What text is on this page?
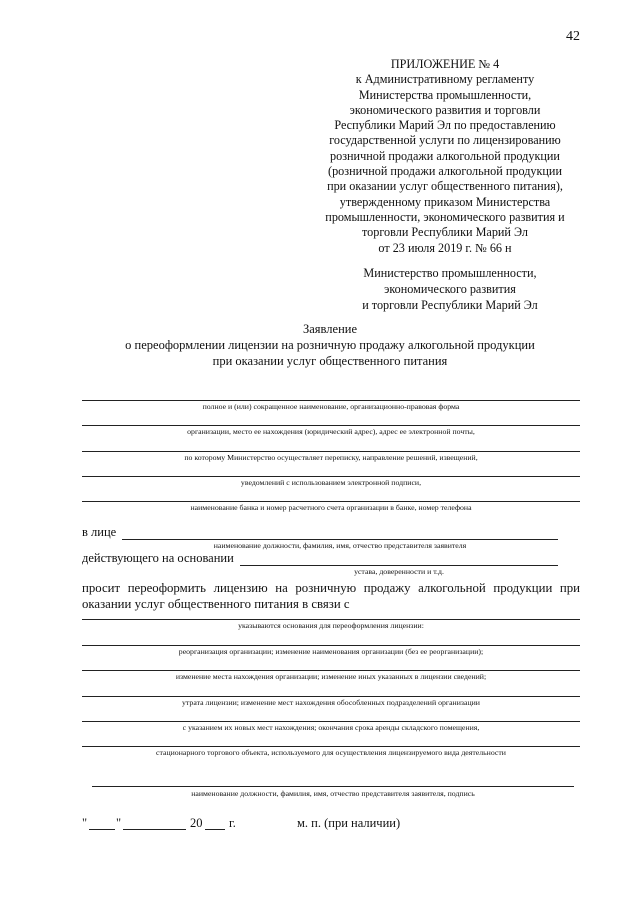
42
ПРИЛОЖЕНИЕ № 4
к Административному регламенту
Министерства промышленности,
экономического развития и торговли
Республики Марий Эл по предоставлению
государственной услуги по лицензированию
розничной продажи алкогольной продукции
(розничной продажи алкогольной продукции
при оказании услуг общественного питания),
утвержденному приказом Министерства
промышленности, экономического развития и
торговли Республики Марий Эл
от 23 июля 2019 г. № 66 н
Министерство промышленности,
экономического развития
и торговли Республики Марий Эл
Заявление
о переоформлении лицензии на розничную продажу алкогольной продукции
при оказании услуг общественного питания
полное и (или) сокращенное наименование, организационно-правовая форма
организации, место ее нахождения (юридический адрес), адрес ее электронной почты,
по которому Министерство осуществляет переписку, направление решений, извещений,
уведомлений с использованием электронной подписи,
наименование банка и номер расчетного счета организации в банке, номер телефона
в лице
наименование должности, фамилия, имя, отчество представителя заявителя
действующего на основании
устава, доверенности и т.д.
просит переоформить лицензию на розничную продажу алкогольной продукции при
оказании услуг общественного питания в связи с
указываются основания для переоформления лицензии:
реорганизация организации; изменение наименования организации (без ее реорганизации);
изменение места нахождения организации; изменение иных указанных в лицензии сведений;
утрата лицензии; изменение мест нахождения обособленных подразделений организации
с указанием их новых мест нахождения; окончания срока аренды складского помещения,
стационарного торгового объекта, используемого для осуществления лицензируемого вида деятельности
наименование должности, фамилия, имя, отчество представителя заявителя, подпись
" "	20 г.	м. п. (при наличии)
